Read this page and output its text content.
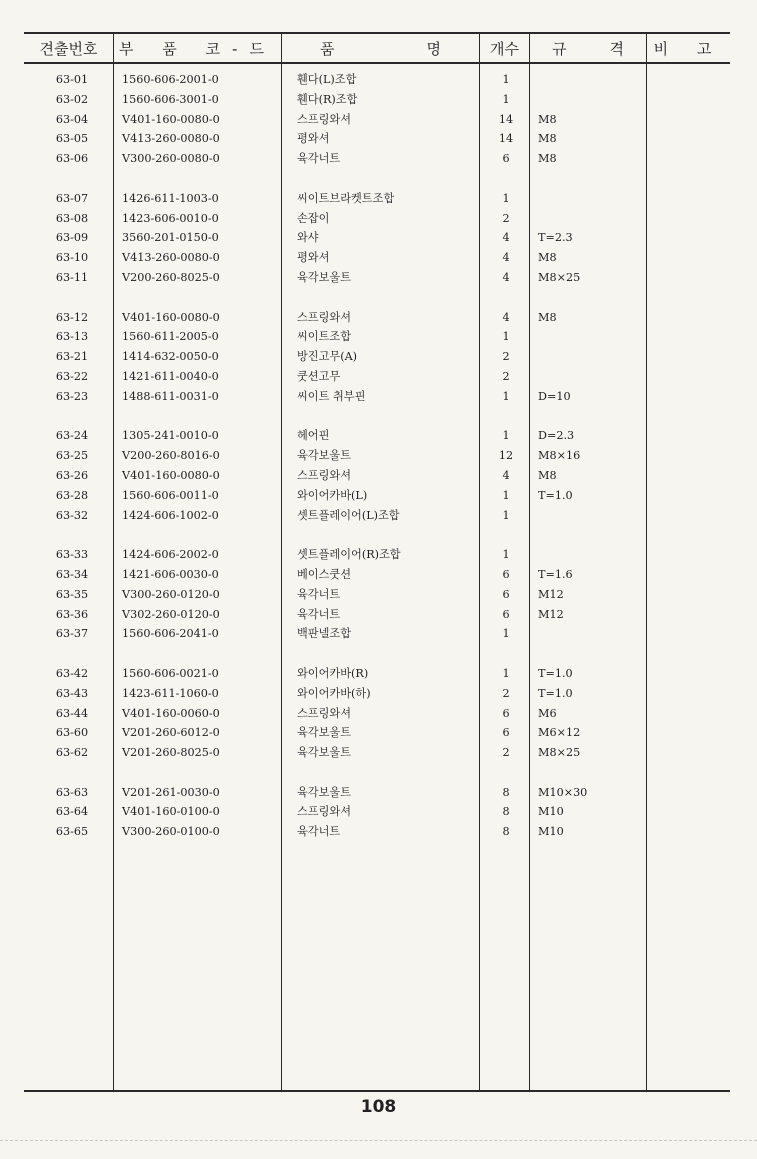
견출번호	부 품 코-드	품	명	개수	규	격	비 고
63-01	1560-606-2001-0	휀다(L)조합	1
63-02	1560-606-3001-0	휀다(R)조합	1
63-04	V401-160-0080-0	스프링와셔	14	M8
63-05	V413-260-0080-0	평와셔	14	M8
63-06	V300-260-0080-0	육각너트	6	M8
63-07	1426-611-1003-0	씨이트브라켓트조합	1
63-08	1423-606-0010-0	손잡이	2
63-09	3560-201-0150-0	와샤	4	T=2.3
63-10	V413-260-0080-0	평와셔	4	M8
63-11	V200-260-8025-0	육각보울트	4	M8×25
63-12	V401-160-0080-0	스프링와셔	4	M8
63-13	1560-611-2005-0	씨이트조합	1
63-21	1414-632-0050-0	방진고무(A)	2
63-22	1421-611-0040-0	쿳션고무	2
63-23	1488-611-0031-0	씨이트 취부핀	1	D=10
63-24	1305-241-0010-0	헤어핀	1	D=2.3
63-25	V200-260-8016-0	육각보울트	12	M8×16
63-26	V401-160-0080-0	스프링와셔	4	M8
63-28	1560-606-0011-0	와이어카바(L)	1	T=1.0
63-32	1424-606-1002-0	셋트플레이어(L)조합	1
63-33	1424-606-2002-0	셋트플레이어(R)조합	1
63-34	1421-606-0030-0	베이스쿳션	6	T=1.6
63-35	V300-260-0120-0	육각너트	6	M12
63-36	V302-260-0120-0	육각너트	6	M12
63-37	1560-606-2041-0	백판넬조합	1
63-42	1560-606-0021-0	와이어카바(R)	1	T=1.0
63-43	1423-611-1060-0	와이어카바(하)	2	T=1.0
63-44	V401-160-0060-0	스프링와셔	6	M6
63-60	V201-260-6012-0	육각보울트	6	M6×12
63-62	V201-260-8025-0	육각보울트	2	M8×25
63-63	V201-261-0030-0	육각보울트	8	M10×30
63-64	V401-160-0100-0	스프링와셔	8	M10
63-65	V300-260-0100-0	육각너트	8	M10
108
